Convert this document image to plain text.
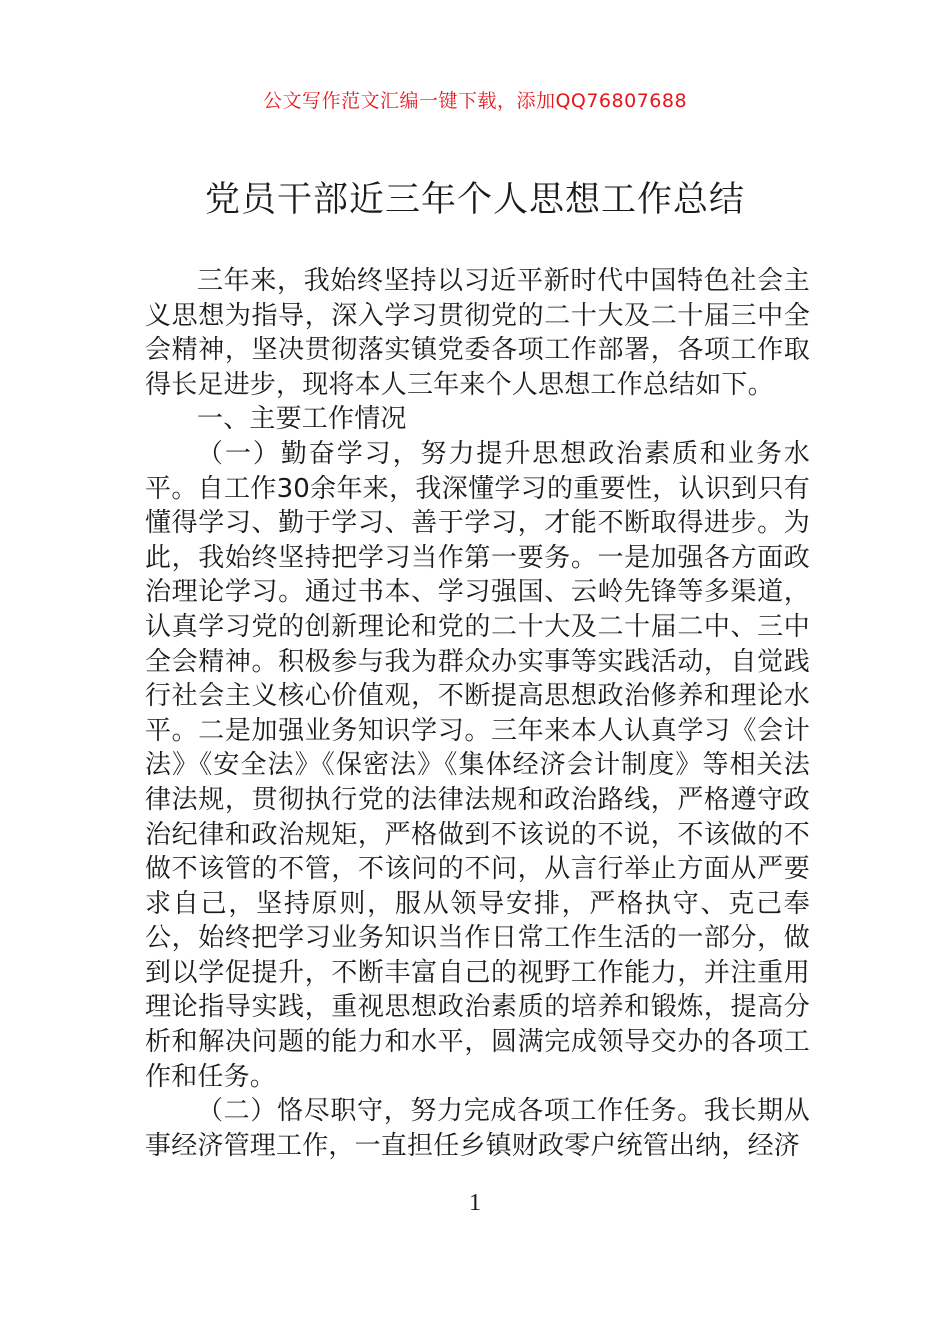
公文写作范文汇编一键下载，添加QQ76807688
党员干部近三年个人思想工作总结

三年来，我始终坚持以习近平新时代中国特色社会主义思想为指导，深入学习贯彻党的二十大及二十届三中全会精神，坚决贯彻落实镇党委各项工作部署，各项工作取得长足进步，现将本人三年来个人思想工作总结如下。

一、主要工作情况

（一）勤奋学习，努力提升思想政治素质和业务水平。自工作30余年来，我深懂学习的重要性，认识到只有懂得学习、勤于学习、善于学习，才能不断取得进步。为此，我始终坚持把学习当作第一要务。一是加强各方面政治理论学习。通过书本、学习强国、云岭先锋等多渠道，认真学习党的创新理论和党的二十大及二十届二中、三中全会精神。积极参与我为群众办实事等实践活动，自觉践行社会主义核心价值观，不断提高思想政治修养和理论水平。二是加强业务知识学习。三年来本人认真学习《会计法》《安全法》《保密法》《集体经济会计制度》等相关法律法规，贯彻执行党的法律法规和政治路线，严格遵守政治纪律和政治规矩，严格做到不该说的不说，不该做的不做不该管的不管，不该问的不问，从言行举止方面从严要求自己，坚持原则，服从领导安排，严格执守、克己奉公，始终把学习业务知识当作日常工作生活的一部分，做到以学促提升，不断丰富自己的视野工作能力，并注重用理论指导实践，重视思想政治素质的培养和锻炼，提高分析和解决问题的能力和水平，圆满完成领导交办的各项工作和任务。

（二）恪尽职守，努力完成各项工作任务。我长期从事经济管理工作，一直担任乡镇财政零户统管出纳，经济

1
